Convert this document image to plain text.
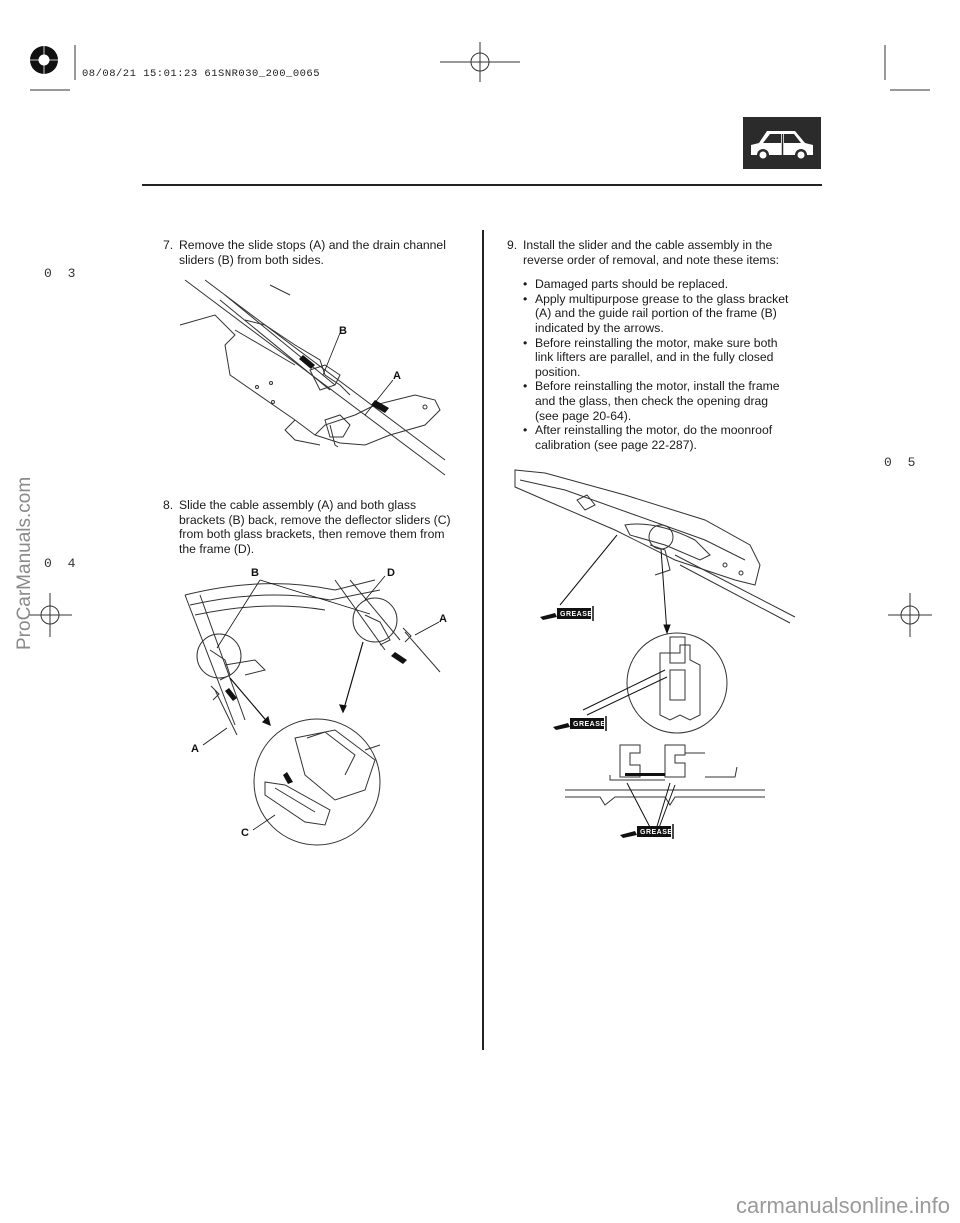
08/08/21 15:01:23 61SNR030_200_0065
ProCarManuals.com
0 3
0 4
0 5
7. Remove the slide stops (A) and the drain channel
sliders (B) from both sides.
B
A
8. Slide the cable assembly (A) and both glass
brackets (B) back, remove the deflector sliders (C)
from both glass brackets, then remove them from
the frame (D).
B	D
A
A
C
9. Install the slider and the cable assembly in the
reverse order of removal, and note these items:
• Damaged parts should be replaced.
• Apply multipurpose grease to the glass bracket
(A) and the guide rail portion of the frame (B)
indicated by the arrows.
• Before reinstalling the motor, make sure both
link lifters are parallel, and in the fully closed
position.
• Before reinstalling the motor, install the frame
and the glass, then check the opening drag
(see page 20-64).
• After reinstalling the motor, do the moonroof
calibration (see page 22-287).
GREASE
GREASE
GREASE
carmanualsonline.info
